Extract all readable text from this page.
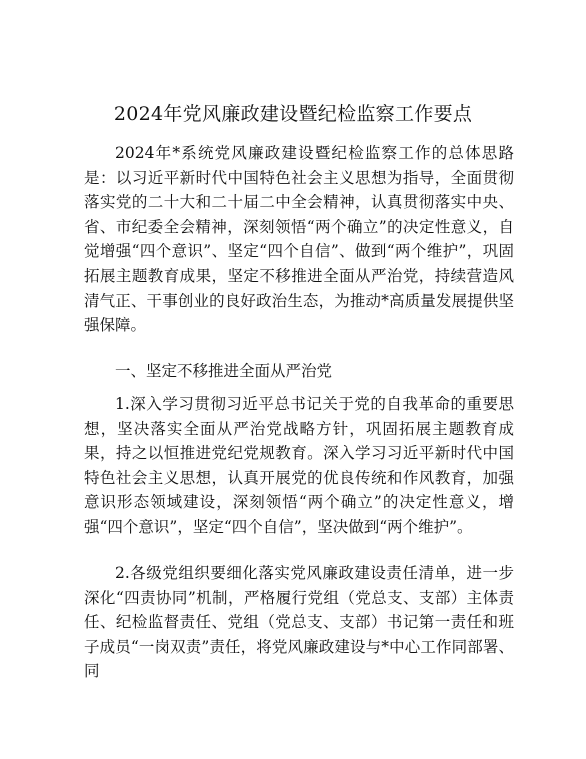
2024年党风廉政建设暨纪检监察工作要点
2024年*系统党风廉政建设暨纪检监察工作的总体思路是：以习近平新时代中国特色社会主义思想为指导，全面贯彻落实党的二十大和二十届二中全会精神，认真贯彻落实中央、省、市纪委全会精神，深刻领悟“两个确立”的决定性意义，自觉增强“四个意识”、坚定“四个自信”、做到“两个维护”，巩固拓展主题教育成果，坚定不移推进全面从严治党，持续营造风清气正、干事创业的良好政治生态，为推动*高质量发展提供坚强保障。
一、坚定不移推进全面从严治党
1.深入学习贯彻习近平总书记关于党的自我革命的重要思想，坚决落实全面从严治党战略方针，巩固拓展主题教育成果，持之以恒推进党纪党规教育。深入学习习近平新时代中国特色社会主义思想，认真开展党的优良传统和作风教育，加强意识形态领域建设，深刻领悟“两个确立”的决定性意义，增强“四个意识”，坚定“四个自信”，坚决做到“两个维护”。
2.各级党组织要细化落实党风廉政建设责任清单，进一步深化“四责协同”机制，严格履行党组（党总支、支部）主体责任、纪检监督责任、党组（党总支、支部）书记第一责任和班子成员“一岗双责”责任，将党风廉政建设与*中心工作同部署、同
